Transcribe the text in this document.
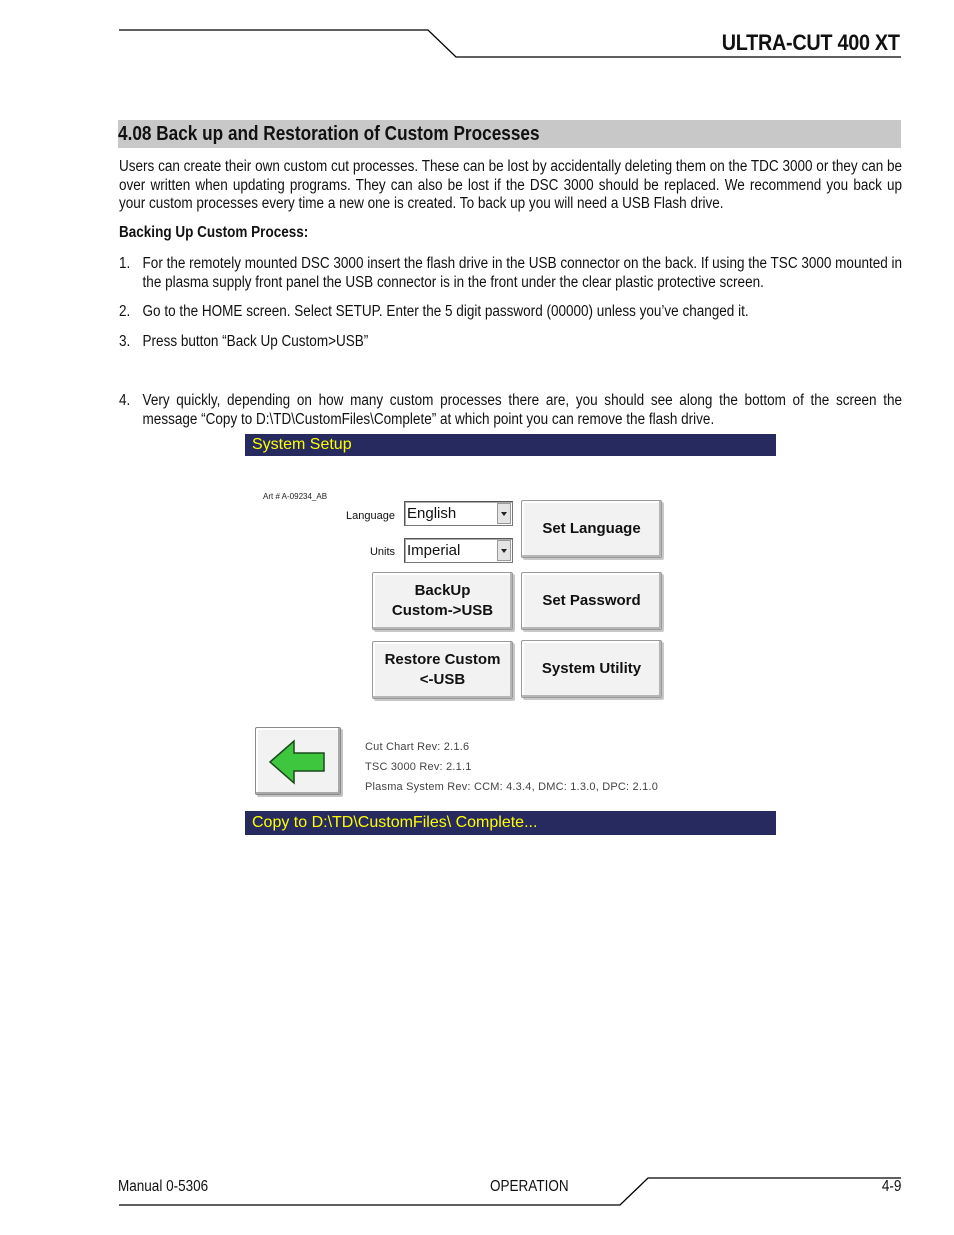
ULTRA-CUT 400 XT
4.08 Back up and Restoration of Custom Processes
Users can create their own custom cut processes. These can be lost by accidentally deleting them on the TDC 3000 or they can be over written when updating programs. They can also be lost if the DSC 3000 should be replaced. We recommend you back up your custom processes every time a new one is created. To back up you will need a USB Flash drive.
Backing Up Custom Process:
1. For the remotely mounted DSC 3000 insert the flash drive in the USB connector on the back. If using the TSC 3000 mounted in the plasma supply front panel the USB connector is in the front under the clear plastic protective screen.
2. Go to the HOME screen. Select SETUP. Enter the 5 digit password (00000) unless you’ve changed it.
3. Press button “Back Up Custom>USB”
4. Very quickly, depending on how many custom processes there are, you should see along the bottom of the screen the message “Copy to D:\TD\CustomFiles\Complete” at which point you can remove the flash drive.
System Setup
Art # A-09234_AB
Language English
Units Imperial
Set Language
BackUp
Custom->USB
Set Password
Restore Custom
<-USB
System Utility
Cut Chart Rev: 2.1.6
TSC 3000 Rev: 2.1.1
Plasma System Rev: CCM: 4.3.4, DMC: 1.3.0, DPC: 2.1.0
Copy to D:\TD\CustomFiles\ Complete...
Manual 0-5306	OPERATION	4-9
